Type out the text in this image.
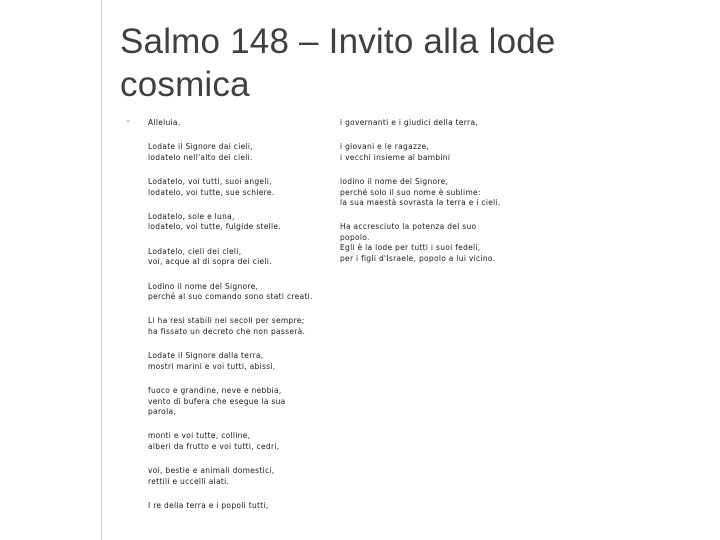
Salmo 148 – Invito alla lode cosmica
⁃ Alleluia.
Lodate il Signore dai cieli,
lodatelo nell'alto dei cieli.
Lodatelo, voi tutti, suoi angeli,
lodatelo, voi tutte, sue schiere.
Lodatelo, sole e luna,
lodatelo, voi tutte, fulgide stelle.
Lodatelo, cieli dei cieli,
voi, acque al di sopra dei cieli.
Lodino il nome del Signore,
perché al suo comando sono stati creati.
Li ha resi stabili nei secoli per sempre;
ha fissato un decreto che non passerà.
Lodate il Signore dalla terra,
mostri marini e voi tutti, abissi,
fuoco e grandine, neve e nebbia,
vento di bufera che esegue la sua
parola,
monti e voi tutte, colline,
alberi da frutto e voi tutti, cedri,
voi, bestie e animali domestici,
rettili e uccelli alati.
I re della terra e i popoli tutti,
i governanti e i giudici della terra,
i giovani e le ragazze,
i vecchi insieme ai bambini
lodino il nome del Signore,
perché solo il suo nome è sublime:
la sua maestà sovrasta la terra e i cieli.
Ha accresciuto la potenza del suo
popolo.
Egli è la lode per tutti i suoi fedeli,
per i figli d'Israele, popolo a lui vicino.
